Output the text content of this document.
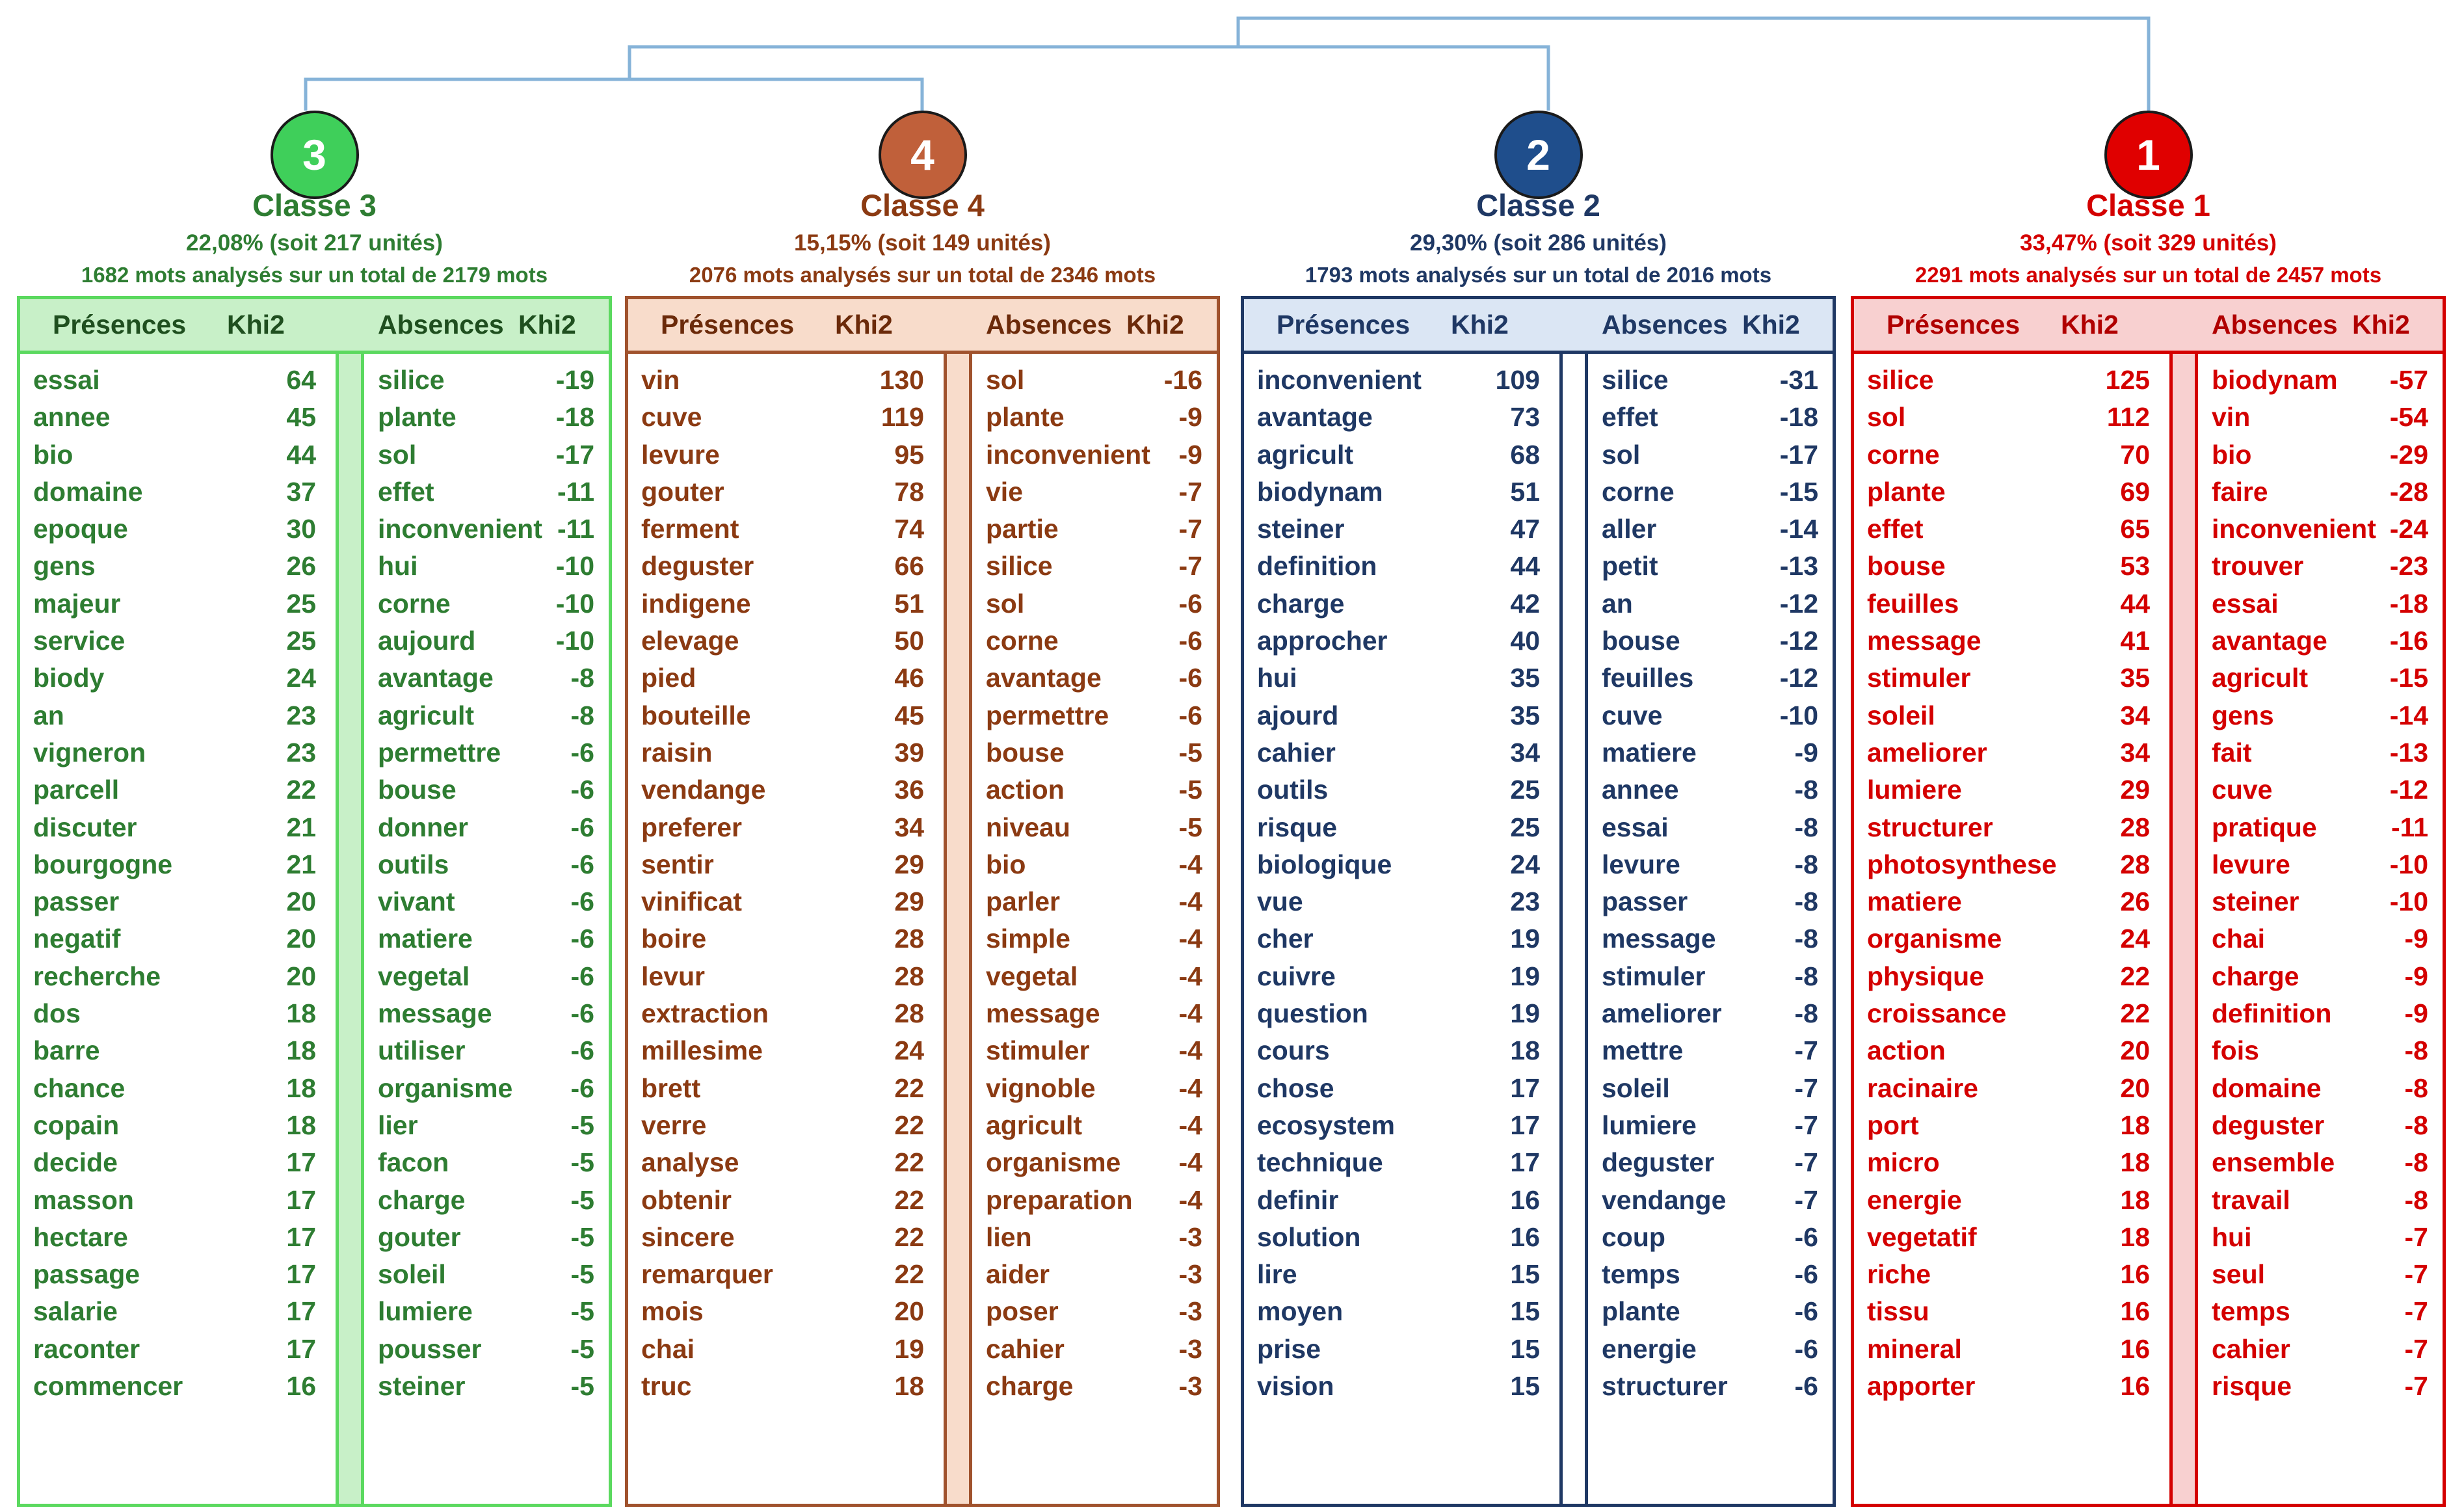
3
Classe 3
22,08% (soit 217 unités)
1682 mots analysés sur un total de 2179 mots
Présences Khi2	Absences Khi2
essai	64 silice	-19
annee	45 plante	-18
bio	44 sol	-17
domaine	37 effet	-11
epoque	30 inconvenient -11
gens	26 hui	-10
majeur	25 corne	-10
service	25 aujourd	-10
biody	24 avantage	-8
an	23 agricult	-8
vigneron	23 permettre	-6
parcell	22 bouse	-6
discuter	21 donner	-6
bourgogne	21 outils	-6
passer	20 vivant	-6
negatif	20 matiere	-6
recherche	20 vegetal	-6
dos	18 message	-6
barre	18 utiliser	-6
chance	18 organisme -6
copain	18 lier	-5
decide	17 facon	-5
masson	17 charge	-5
hectare	17 gouter	-5
passage	17 soleil	-5
salarie	17 lumiere	-5
raconter	17 pousser	-5
commencer	16 steiner	-5
4
Classe 4
15,15% (soit 149 unités)
2076 mots analysés sur un total de 2346 mots
Présences Khi2	Absences Khi2
vin	130 sol	-16
cuve	119 plante	-9
levure	95 inconvenient -9
gouter	78 vie	-7
ferment	74 partie	-7
deguster	66 silice	-7
indigene	51 sol	-6
elevage	50 corne	-6
pied	46 avantage	-6
bouteille	45 permettre	-6
raisin	39 bouse	-5
vendange	36 action	-5
preferer	34 niveau	-5
sentir	29 bio	-4
vinificat	29 parler	-4
boire	28 simple	-4
levur	28 vegetal	-4
extraction	28 message	-4
millesime	24 stimuler	-4
brett	22 vignoble	-4
verre	22 agricult	-4
analyse	22 organisme -4
obtenir	22 preparation -4
sincere	22 lien	-3
remarquer	22 aider	-3
mois	20 poser	-3
chai	19 cahier	-3
truc	18 charge	-3
2
Classe 2
29,30% (soit 286 unités)
1793 mots analysés sur un total de 2016 mots
Présences Khi2	Absences Khi2
inconvenient	109 silice	-31
avantage	73 effet	-18
agricult	68 sol	-17
biodynam	51 corne	-15
steiner	47 aller	-14
definition	44 petit	-13
charge	42 an	-12
approcher	40 bouse	-12
hui	35 feuilles	-12
ajourd	35 cuve	-10
cahier	34 matiere	-9
outils	25 annee	-8
risque	25 essai	-8
biologique	24 levure	-8
vue	23 passer	-8
cher	19 message	-8
cuivre	19 stimuler	-8
question	19 ameliorer	-8
cours	18 mettre	-7
chose	17 soleil	-7
ecosystem	17 lumiere	-7
technique	17 deguster	-7
definir	16 vendange	-7
solution	16 coup	-6
lire	15 temps	-6
moyen	15 plante	-6
prise	15 energie	-6
vision	15 structurer	-6
1
Classe 1
33,47% (soit 329 unités)
2291 mots analysés sur un total de 2457 mots
Présences Khi2	Absences Khi2
silice	125 biodynam -57
sol	112 vin	-54
corne	70 bio	-29
plante	69 faire	-28
effet	65 inconvenient -24
bouse	53 trouver	-23
feuilles	44 essai	-18
message	41 avantage -16
stimuler	35 agricult	-15
soleil	34 gens	-14
ameliorer	34 fait	-13
lumiere	29 cuve	-12
structurer	28 pratique	-11
photosynthese 28 levure	-10
matiere	26 steiner	-10
organisme	24 chai	-9
physique	22 charge	-9
croissance	22 definition	-9
action	20 fois	-8
racinaire	20 domaine	-8
port	18 deguster	-8
micro	18 ensemble	-8
energie	18 travail	-8
vegetatif	18 hui	-7
riche	16 seul	-7
tissu	16 temps	-7
mineral	16 cahier	-7
apporter	16 risque	-7
